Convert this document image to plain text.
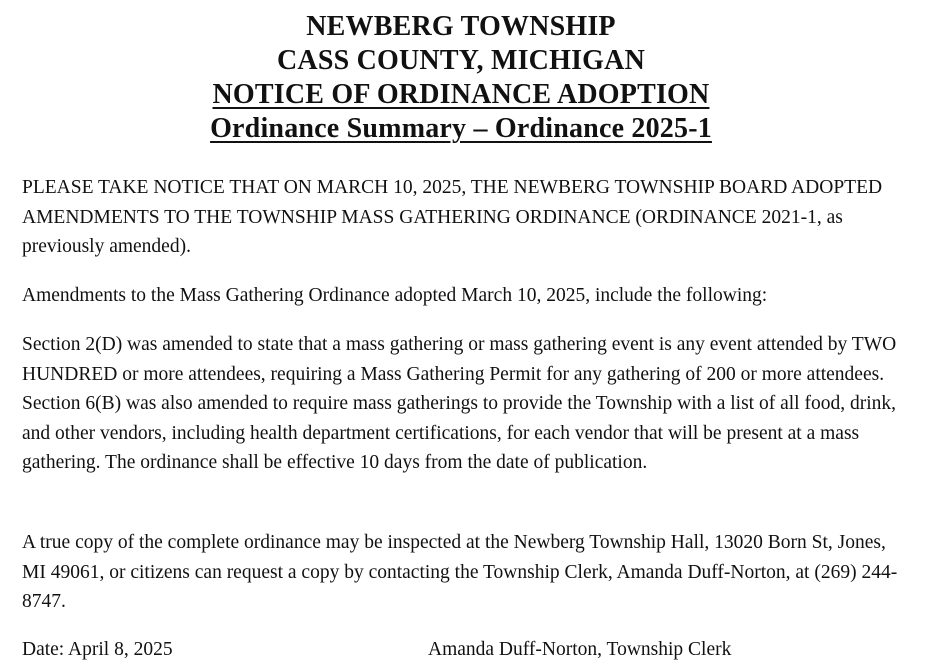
NEWBERG TOWNSHIP

CASS COUNTY, MICHIGAN

NOTICE OF ORDINANCE ADOPTION

Ordinance Summary – Ordinance 2025-1

PLEASE TAKE NOTICE THAT ON MARCH 10, 2025, THE NEWBERG TOWNSHIP BOARD ADOPTED AMENDMENTS TO THE TOWNSHIP MASS GATHERING ORDINANCE (ORDINANCE 2021-1, as previously amended).

Amendments to the Mass Gathering Ordinance adopted March 10, 2025, include the following:

Section 2(D) was amended to state that a mass gathering or mass gathering event is any event attended by TWO HUNDRED or more attendees, requiring a Mass Gathering Permit for any gathering of 200 or more attendees. Section 6(B) was also amended to require mass gatherings to provide the Township with a list of all food, drink, and other vendors, including health department certifications, for each vendor that will be present at a mass gathering. The ordinance shall be effective 10 days from the date of publication.

A true copy of the complete ordinance may be inspected at the Newberg Township Hall, 13020 Born St, Jones, MI 49061, or citizens can request a copy by contacting the Township Clerk, Amanda Duff-Norton, at (269) 244-8747.

Date: April 8, 2025	Amanda Duff-Norton, Township Clerk
